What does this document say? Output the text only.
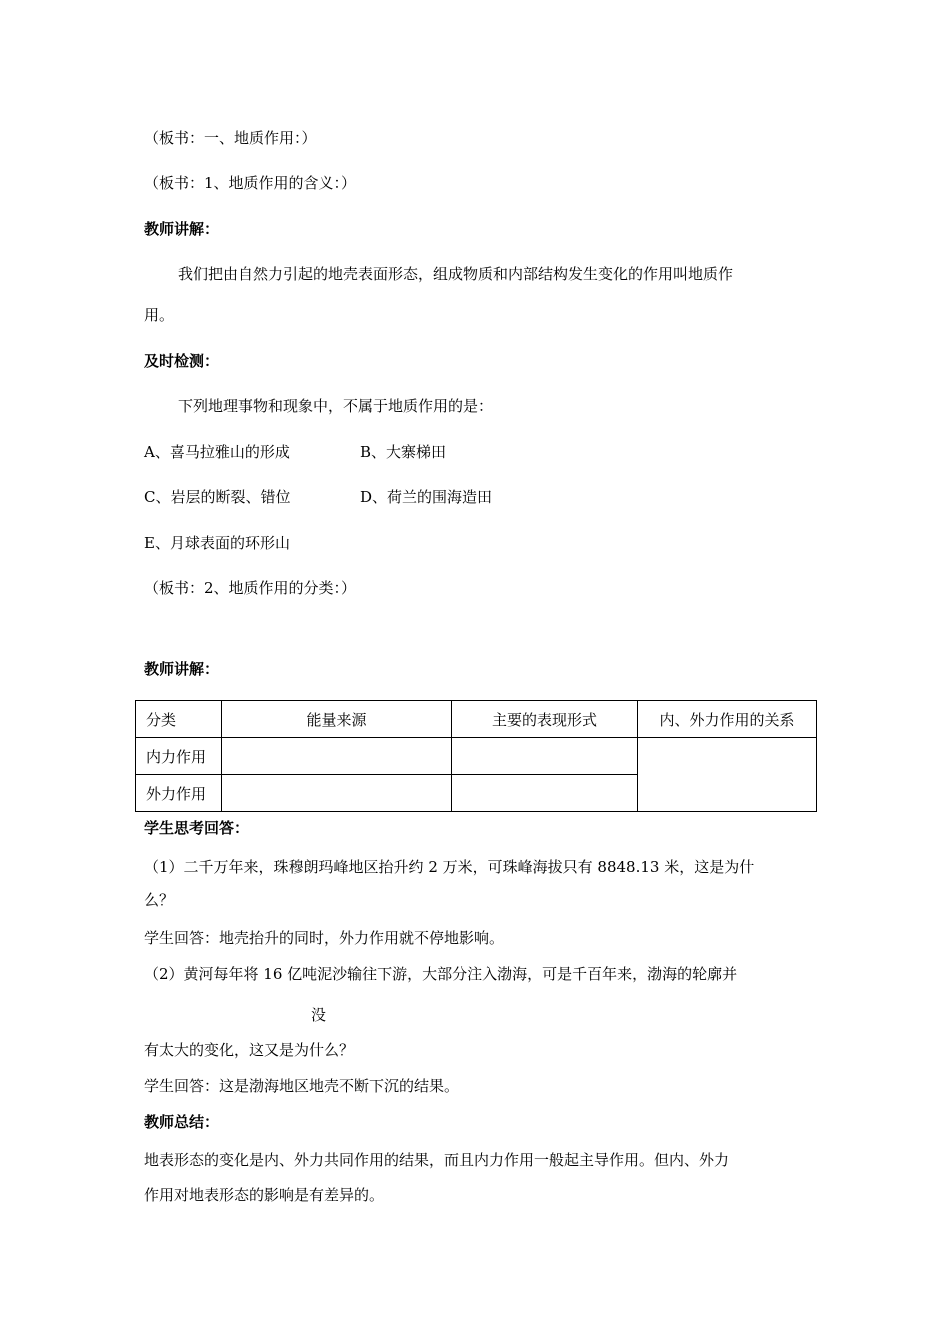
（板书：一、地质作用：）
（板书：1、地质作用的含义：）
教师讲解：
我们把由自然力引起的地壳表面形态，组成物质和内部结构发生变化的作用叫地质作
用。
及时检测：
下列地理事物和现象中，不属于地质作用的是：
A、喜马拉雅山的形成	B、大寨梯田
C、岩层的断裂、错位	D、荷兰的围海造田
E、月球表面的环形山
（板书：2、地质作用的分类：）
教师讲解：
分类	能量来源	主要的表现形式	内、外力作用的关系
内力作用			
外力作用			
学生思考回答：
（1）二千万年来，珠穆朗玛峰地区抬升约 2 万米，可珠峰海拔只有 8848.13 米，这是为什
么？
学生回答：地壳抬升的同时，外力作用就不停地影响。
（2）黄河每年将 16 亿吨泥沙输往下游，大部分注入渤海，可是千百年来，渤海的轮廓并
没
有太大的变化，这又是为什么？
学生回答：这是渤海地区地壳不断下沉的结果。
教师总结：
地表形态的变化是内、外力共同作用的结果，而且内力作用一般起主导作用。但内、外力
作用对地表形态的影响是有差异的。
